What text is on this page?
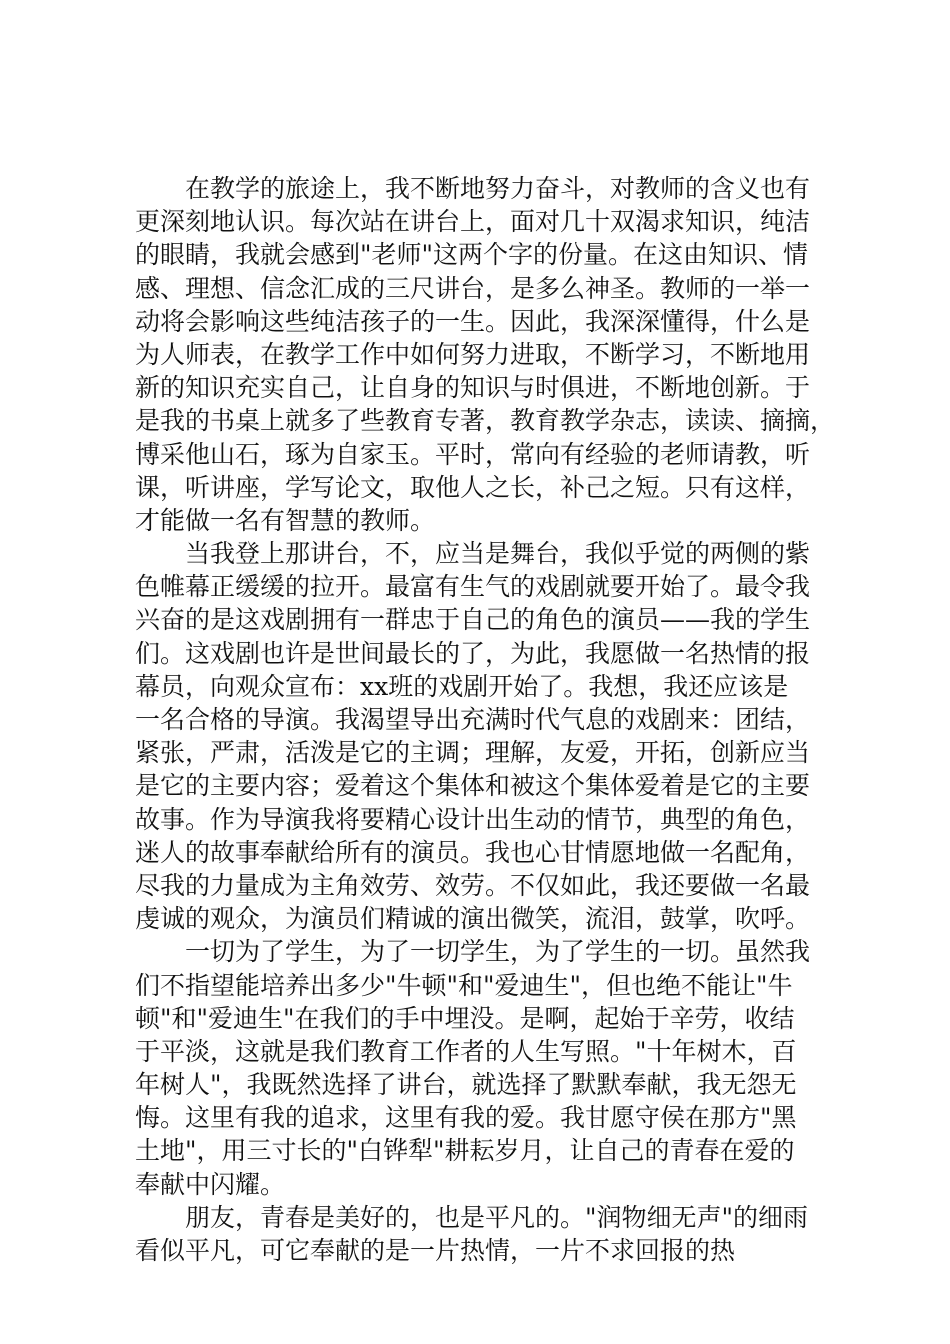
在教学的旅途上，我不断地努力奋斗，对教师的含义也有
更深刻地认识。每次站在讲台上，面对几十双渴求知识，纯洁
的眼睛，我就会感到"老师"这两个字的份量。在这由知识、情
感、理想、信念汇成的三尺讲台，是多么神圣。教师的一举一
动将会影响这些纯洁孩子的一生。因此，我深深懂得，什么是
为人师表，在教学工作中如何努力进取，不断学习，不断地用
新的知识充实自己，让自身的知识与时俱进，不断地创新。于
是我的书桌上就多了些教育专著，教育教学杂志，读读、摘摘，
博采他山石，琢为自家玉。平时，常向有经验的老师请教，听
课，听讲座，学写论文，取他人之长，补己之短。只有这样，
才能做一名有智慧的教师。
当我登上那讲台，不，应当是舞台，我似乎觉的两侧的紫
色帷幕正缓缓的拉开。最富有生气的戏剧就要开始了。最令我
兴奋的是这戏剧拥有一群忠于自己的角色的演员——我的学生
们。这戏剧也许是世间最长的了，为此，我愿做一名热情的报
幕员，向观众宣布：xx班的戏剧开始了。我想，我还应该是
一名合格的导演。我渴望导出充满时代气息的戏剧来：团结，
紧张，严肃，活泼是它的主调；理解，友爱，开拓，创新应当
是它的主要内容；爱着这个集体和被这个集体爱着是它的主要
故事。作为导演我将要精心设计出生动的情节，典型的角色，
迷人的故事奉献给所有的演员。我也心甘情愿地做一名配角，
尽我的力量成为主角效劳、效劳。不仅如此，我还要做一名最
虔诚的观众，为演员们精诚的演出微笑，流泪，鼓掌，吹呼。
一切为了学生，为了一切学生，为了学生的一切。虽然我
们不指望能培养出多少"牛顿"和"爱迪生"，但也绝不能让"牛
顿"和"爱迪生"在我们的手中埋没。是啊，起始于辛劳，收结
于平淡，这就是我们教育工作者的人生写照。"十年树木，百
年树人"，我既然选择了讲台，就选择了默默奉献，我无怨无
悔。这里有我的追求，这里有我的爱。我甘愿守侯在那方"黑
土地"，用三寸长的"白铧犁"耕耘岁月，让自己的青春在爱的
奉献中闪耀。
朋友，青春是美好的，也是平凡的。"润物细无声"的细雨
看似平凡，可它奉献的是一片热情，一片不求回报的热
